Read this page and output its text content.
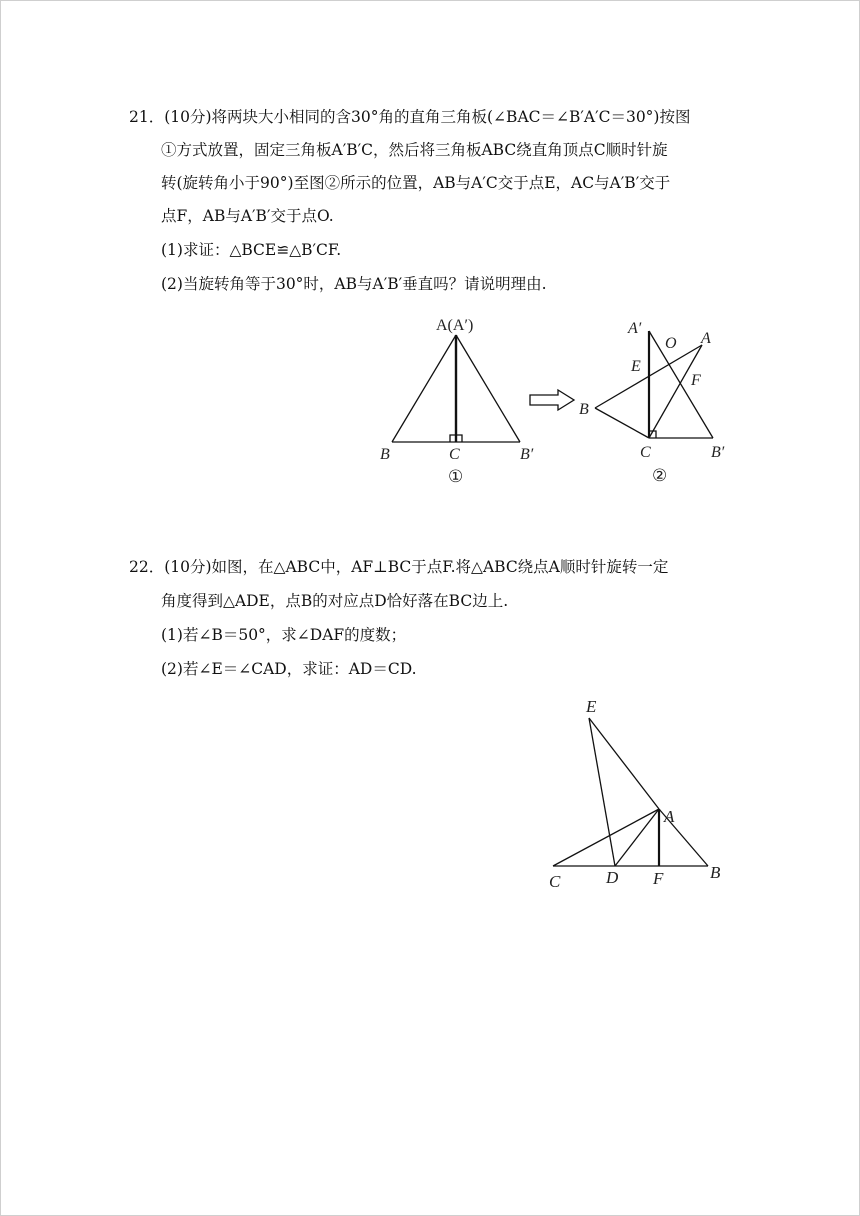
21．(10分)将两块大小相同的含30°角的直角三角板(∠BAC＝∠B′A′C＝30°)按图
①方式放置，固定三角板A′B′C，然后将三角板ABC绕直角顶点C顺时针旋
转(旋转角小于90°)至图②所示的位置，AB与A′C交于点E，AC与A′B′交于
点F，AB与A′B′交于点O.
(1)求证：△BCE≌△B′CF.
(2)当旋转角等于30°时，AB与A′B′垂直吗？请说明理由.
A(A′)
B	C	B′
①
A′
O A
E
F
B
C	B′
②
22．(10分)如图，在△ABC中，AF⊥BC于点F.将△ABC绕点A顺时针旋转一定
角度得到△ADE，点B的对应点D恰好落在BC边上.
(1)若∠B＝50°，求∠DAF的度数；
(2)若∠E＝∠CAD，求证：AD＝CD.
E
A
C	D F	B
